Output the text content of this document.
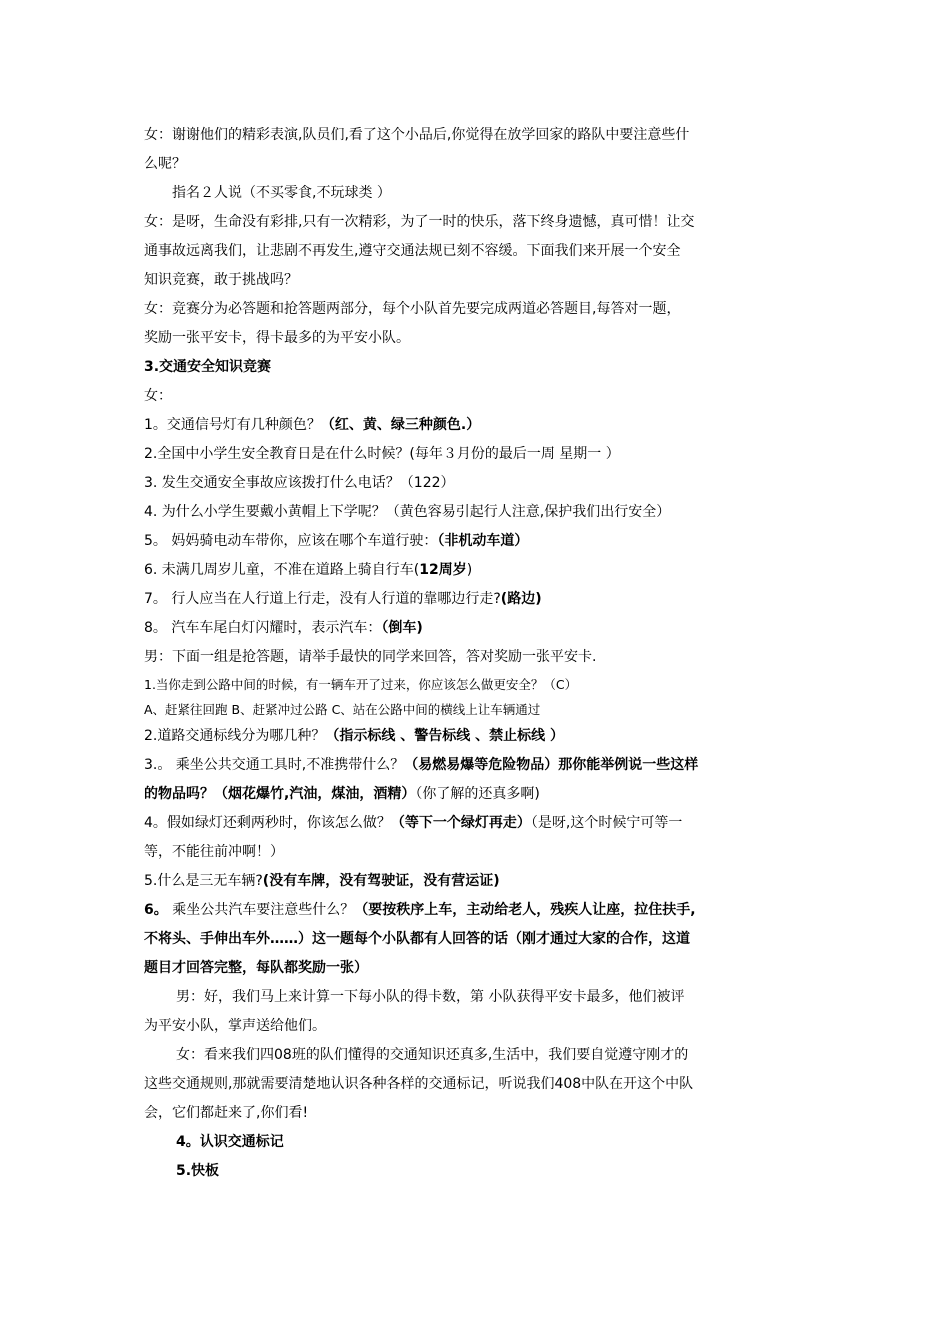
女：谢谢他们的精彩表演,队员们,看了这个小品后,你觉得在放学回家的路队中要注意些什
么呢？
指名２人说（不买零食,不玩球类 ）
女：是呀，生命没有彩排,只有一次精彩，为了一时的快乐，落下终身遗憾，真可惜！让交
通事故远离我们，让悲剧不再发生,遵守交通法规已刻不容缓。下面我们来开展一个安全
知识竞赛，敢于挑战吗？
女：竞赛分为必答题和抢答题两部分，每个小队首先要完成两道必答题目,每答对一题，
奖励一张平安卡，得卡最多的为平安小队。
3.交通安全知识竞赛
女：
1。交通信号灯有几种颜色？（红、黄、绿三种颜色.）
2.全国中小学生安全教育日是在什么时候？(每年３月份的最后一周 星期一 ）
3. 发生交通安全事故应该拨打什么电话？（122）
4. 为什么小学生要戴小黄帽上下学呢？（黄色容易引起行人注意,保护我们出行安全）
5。 妈妈骑电动车带你，应该在哪个车道行驶：（非机动车道）
6. 未满几周岁儿童，不准在道路上骑自行车(12周岁)
7。 行人应当在人行道上行走，没有人行道的靠哪边行走?(路边)
8。 汽车车尾白灯闪耀时，表示汽车：（倒车)
男：下面一组是抢答题，请举手最快的同学来回答，答对奖励一张平安卡.
1.当你走到公路中间的时候，有一辆车开了过来，你应该怎么做更安全？（C）
A、赶紧往回跑 B、赶紧冲过公路 C、站在公路中间的横线上让车辆通过
2.道路交通标线分为哪几种？（指示标线 、警告标线 、禁止标线 ）
3.。 乘坐公共交通工具时,不准携带什么？（易燃易爆等危险物品）那你能举例说一些这样
的物品吗？（烟花爆竹,汽油，煤油，酒精）（你了解的还真多啊)
4。假如绿灯还剩两秒时，你该怎么做？（等下一个绿灯再走）（是呀,这个时候宁可等一
等，不能往前冲啊！）
5.什么是三无车辆?(没有车牌，没有驾驶证，没有营运证)
6。 乘坐公共汽车要注意些什么？（要按秩序上车，主动给老人，残疾人让座，拉住扶手,
不将头、手伸出车外……）这一题每个小队都有人回答的话（刚才通过大家的合作，这道
题目才回答完整，每队都奖励一张）
男：好，我们马上来计算一下每小队的得卡数，第 小队获得平安卡最多，他们被评
为平安小队，掌声送给他们。
女：看来我们四08班的队们懂得的交通知识还真多,生活中，我们要自觉遵守刚才的
这些交通规则,那就需要清楚地认识各种各样的交通标记，听说我们408中队在开这个中队
会，它们都赶来了,你们看!
4。认识交通标记
5.快板
